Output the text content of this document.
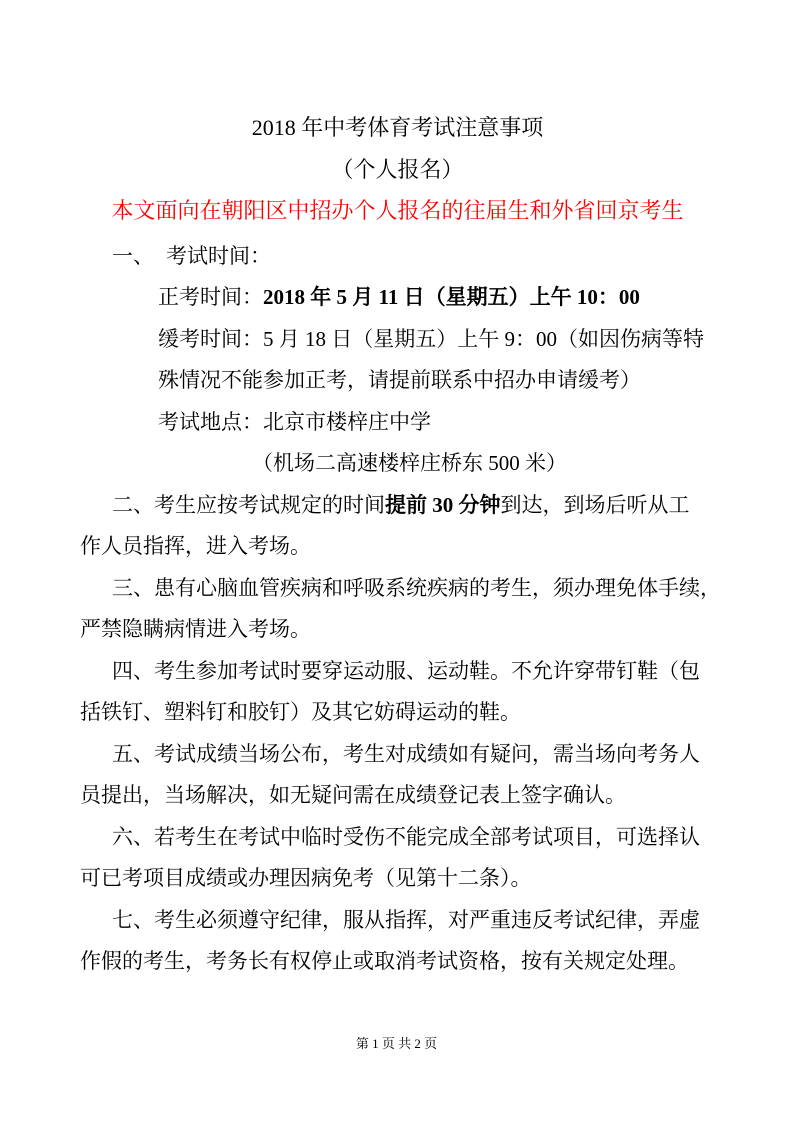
2018 年中考体育考试注意事项
（个人报名）
本文面向在朝阳区中招办个人报名的往届生和外省回京考生
一、 考试时间：
正考时间：2018 年 5 月 11 日（星期五）上午 10：00
缓考时间：5 月 18 日（星期五）上午 9：00（如因伤病等特
殊情况不能参加正考，请提前联系中招办申请缓考）
考试地点：北京市楼梓庄中学
（机场二高速楼梓庄桥东 500 米）
二、考生应按考试规定的时间提前 30 分钟到达，到场后听从工
作人员指挥，进入考场。
三、患有心脑血管疾病和呼吸系统疾病的考生，须办理免体手续，
严禁隐瞒病情进入考场。
四、考生参加考试时要穿运动服、运动鞋。不允许穿带钉鞋（包
括铁钉、塑料钉和胶钉）及其它妨碍运动的鞋。
五、考试成绩当场公布，考生对成绩如有疑问，需当场向考务人
员提出，当场解决，如无疑问需在成绩登记表上签字确认。
六、若考生在考试中临时受伤不能完成全部考试项目，可选择认
可已考项目成绩或办理因病免考（见第十二条）。
七、考生必须遵守纪律，服从指挥，对严重违反考试纪律，弄虚
作假的考生，考务长有权停止或取消考试资格，按有关规定处理。
第 1 页 共 2 页
